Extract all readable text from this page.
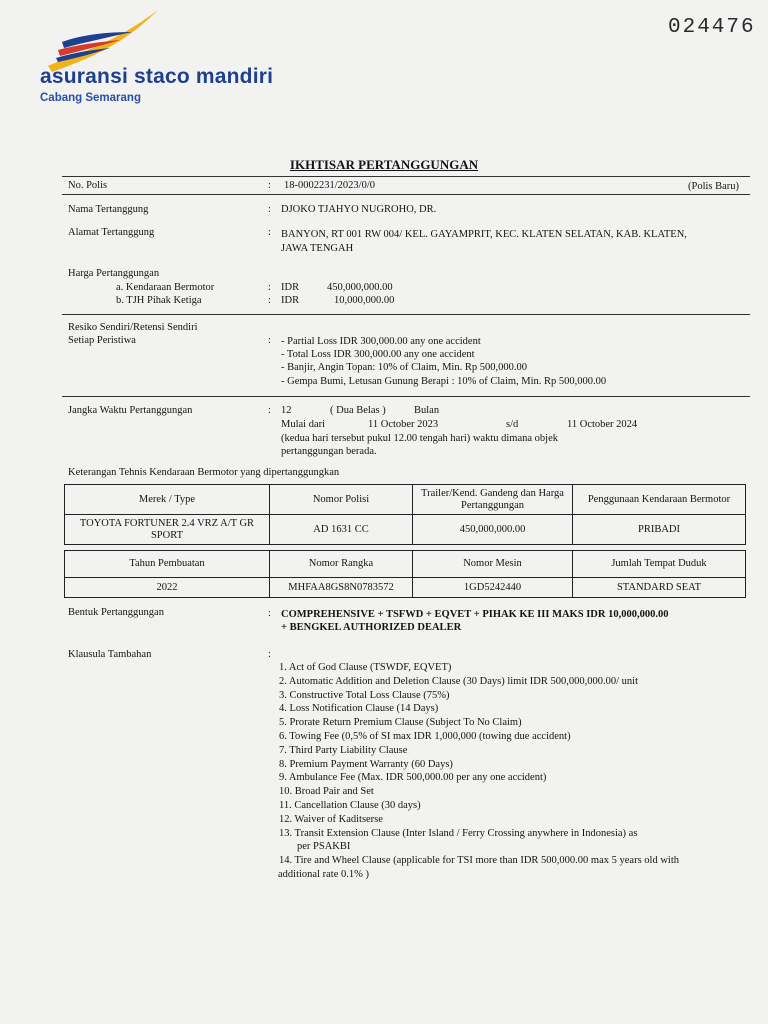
asuransi staco mandiri
Cabang Semarang
024476
IKHTISAR PERTANGGUNGAN
No. Polis	: 18-0002231/2023/0/0	(Polis Baru)
Nama Tertanggung	: DJOKO TJAHYO NUGROHO, DR.
Alamat Tertanggung	: BANYON, RT 001 RW 004/ KEL. GAYAMPRIT, KEC. KLATEN SELATAN, KAB. KLATEN,
JAWA TENGAH
Harga Pertanggungan
a. Kendaraan Bermotor	: IDR	450,000,000.00
b. TJH Pihak Ketiga	: IDR	10,000,000.00
Resiko Sendiri/Retensi Sendiri
Setiap Peristiwa	: - Partial Loss IDR 300,000.00 any one accident
- Total Loss IDR 300,000.00 any one accident
- Banjir, Angin Topan: 10% of Claim, Min. Rp 500,000.00
- Gempa Bumi, Letusan Gunung Berapi : 10% of Claim, Min. Rp 500,000.00
Jangka Waktu Pertanggungan	: 12	( Dua Belas )	Bulan
Mulai dari	11 October 2023	s/d	11 October 2024
(kedua hari tersebut pukul 12.00 tengah hari) waktu dimana objek
pertanggungan berada.
Keterangan Tehnis Kendaraan Bermotor yang dipertanggungkan
Merek / Type	Nomor Polisi	Trailer/Kend. Gandeng dan Harga Pertanggungan	Penggunaan Kendaraan Bermotor
TOYOTA FORTUNER 2.4 VRZ A/T GR SPORT	AD 1631 CC	450,000,000.00	PRIBADI
Tahun Pembuatan	Nomor Rangka	Nomor Mesin	Jumlah Tempat Duduk
2022	MHFAA8GS8N0783572	1GD5242440	STANDARD SEAT
Bentuk Pertanggungan	: COMPREHENSIVE + TSFWD + EQVET + PIHAK KE III MAKS IDR 10,000,000.00
+ BENGKEL AUTHORIZED DEALER
Klausula Tambahan	:
1. Act of God Clause (TSWDF, EQVET)
2. Automatic Addition and Deletion Clause (30 Days) limit IDR 500,000,000.00/ unit
3. Constructive Total Loss Clause (75%)
4. Loss Notification Clause (14 Days)
5. Prorate Return Premium Clause (Subject To No Claim)
6. Towing Fee (0,5% of SI max IDR 1,000,000 (towing due accident)
7. Third Party Liability Clause
8. Premium Payment Warranty (60 Days)
9. Ambulance Fee (Max. IDR 500,000.00 per any one accident)
10. Broad Pair and Set
11. Cancellation Clause (30 days)
12. Waiver of Kaditserse
13. Transit Extension Clause (Inter Island / Ferry Crossing anywhere in Indonesia) as
per PSAKBI
14. Tire and Wheel Clause (applicable for TSI more than IDR 500,000.00 max 5 years old with
additional rate 0.1% )
